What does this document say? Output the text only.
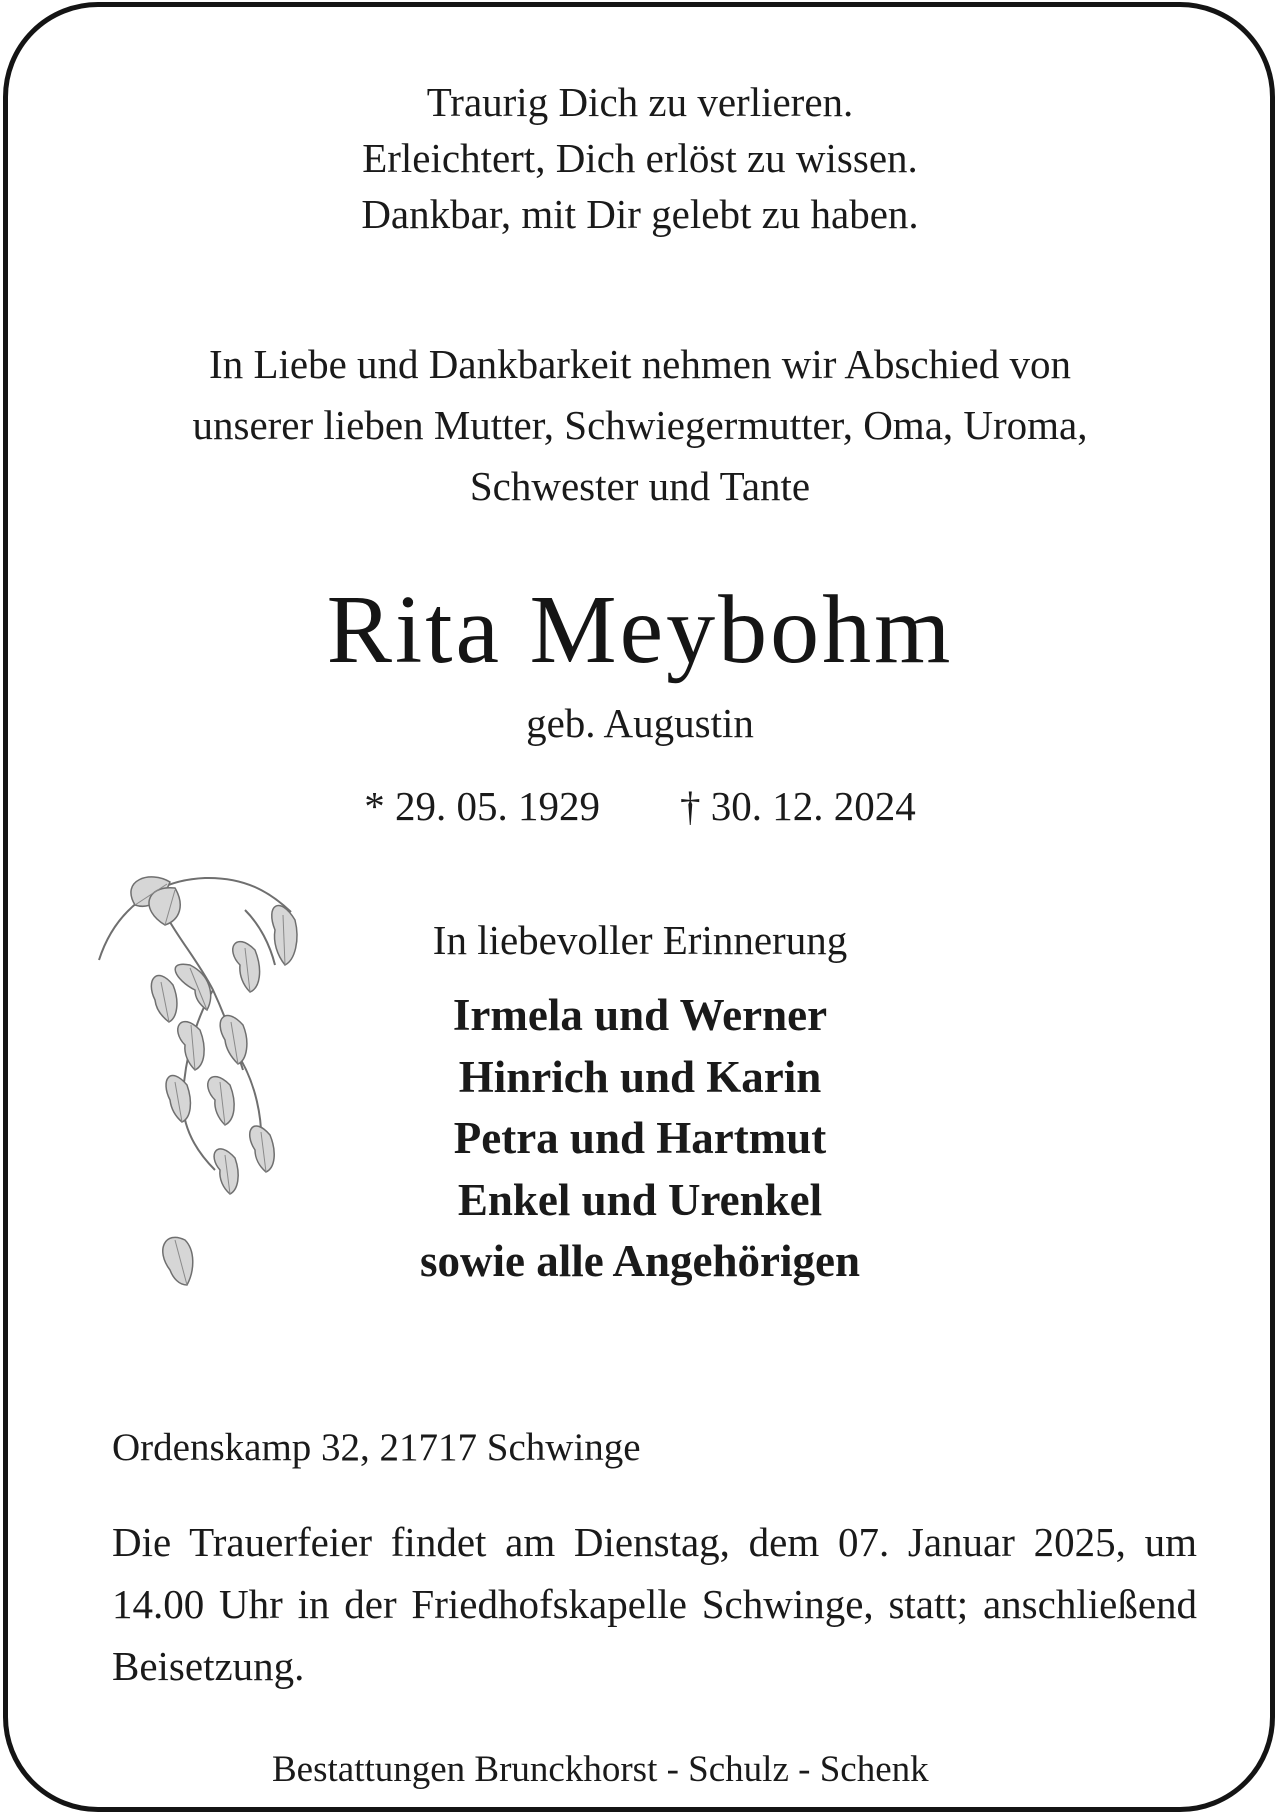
Traurig Dich zu verlieren.
Erleichtert, Dich erlöst zu wissen.
Dankbar, mit Dir gelebt zu haben.
In Liebe und Dankbarkeit nehmen wir Abschied von
unserer lieben Mutter, Schwiegermutter, Oma, Uroma,
Schwester und Tante
Rita Meybohm
geb. Augustin
* 29. 05. 1929 † 30. 12. 2024
In liebevoller Erinnerung
Irmela und Werner
Hinrich und Karin
Petra und Hartmut
Enkel und Urenkel
sowie alle Angehörigen
Ordenskamp 32, 21717 Schwinge
Die Trauerfeier findet am Dienstag, dem 07. Januar 2025, um 14.00 Uhr in der Friedhofskapelle Schwinge, statt; anschließend Beisetzung.
Bestattungen Brunckhorst - Schulz - Schenk
